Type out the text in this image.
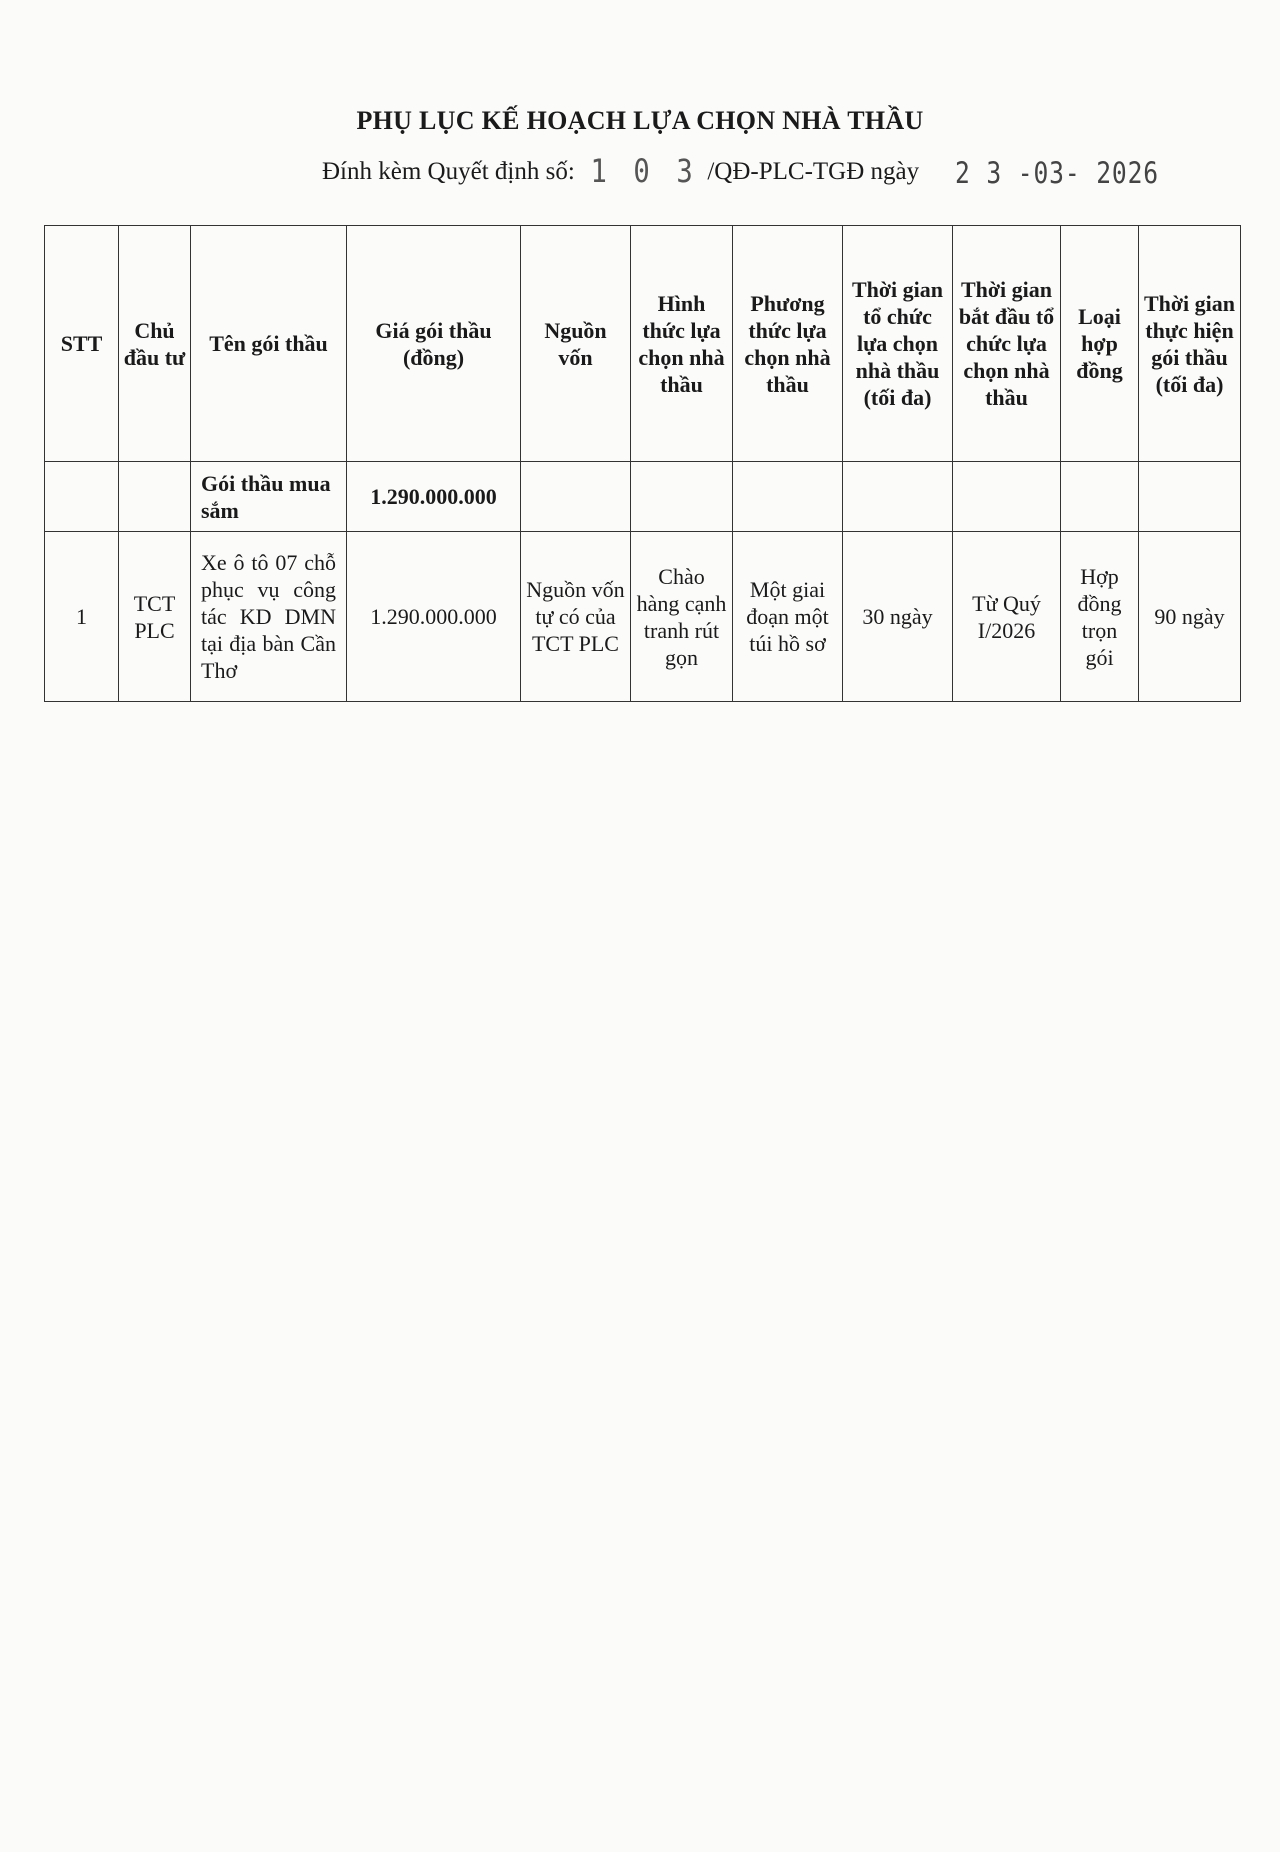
PHỤ LỤC KẾ HOẠCH LỰA CHỌN NHÀ THẦU
Đính kèm Quyết định số: 1 0 3 /QĐ-PLC-TGĐ ngày 2 3 -03- 2026
STT	Chủ đầu tư	Tên gói thầu	Giá gói thầu (đồng)	Nguồn vốn	Hình thức lựa chọn nhà thầu	Phương thức lựa chọn nhà thầu	Thời gian tổ chức lựa chọn nhà thầu (tối đa)	Thời gian bắt đầu tổ chức lựa chọn nhà thầu	Loại hợp đồng	Thời gian thực hiện gói thầu (tối đa)
		Gói thầu mua sắm	1.290.000.000							
1	TCT PLC	Xe ô tô 07 chỗ phục vụ công tác KD DMN tại địa bàn Cần Thơ	1.290.000.000	Nguồn vốn tự có của TCT PLC	Chào hàng cạnh tranh rút gọn	Một giai đoạn một túi hồ sơ	30 ngày	Từ Quý I/2026	Hợp đồng trọn gói	90 ngày
